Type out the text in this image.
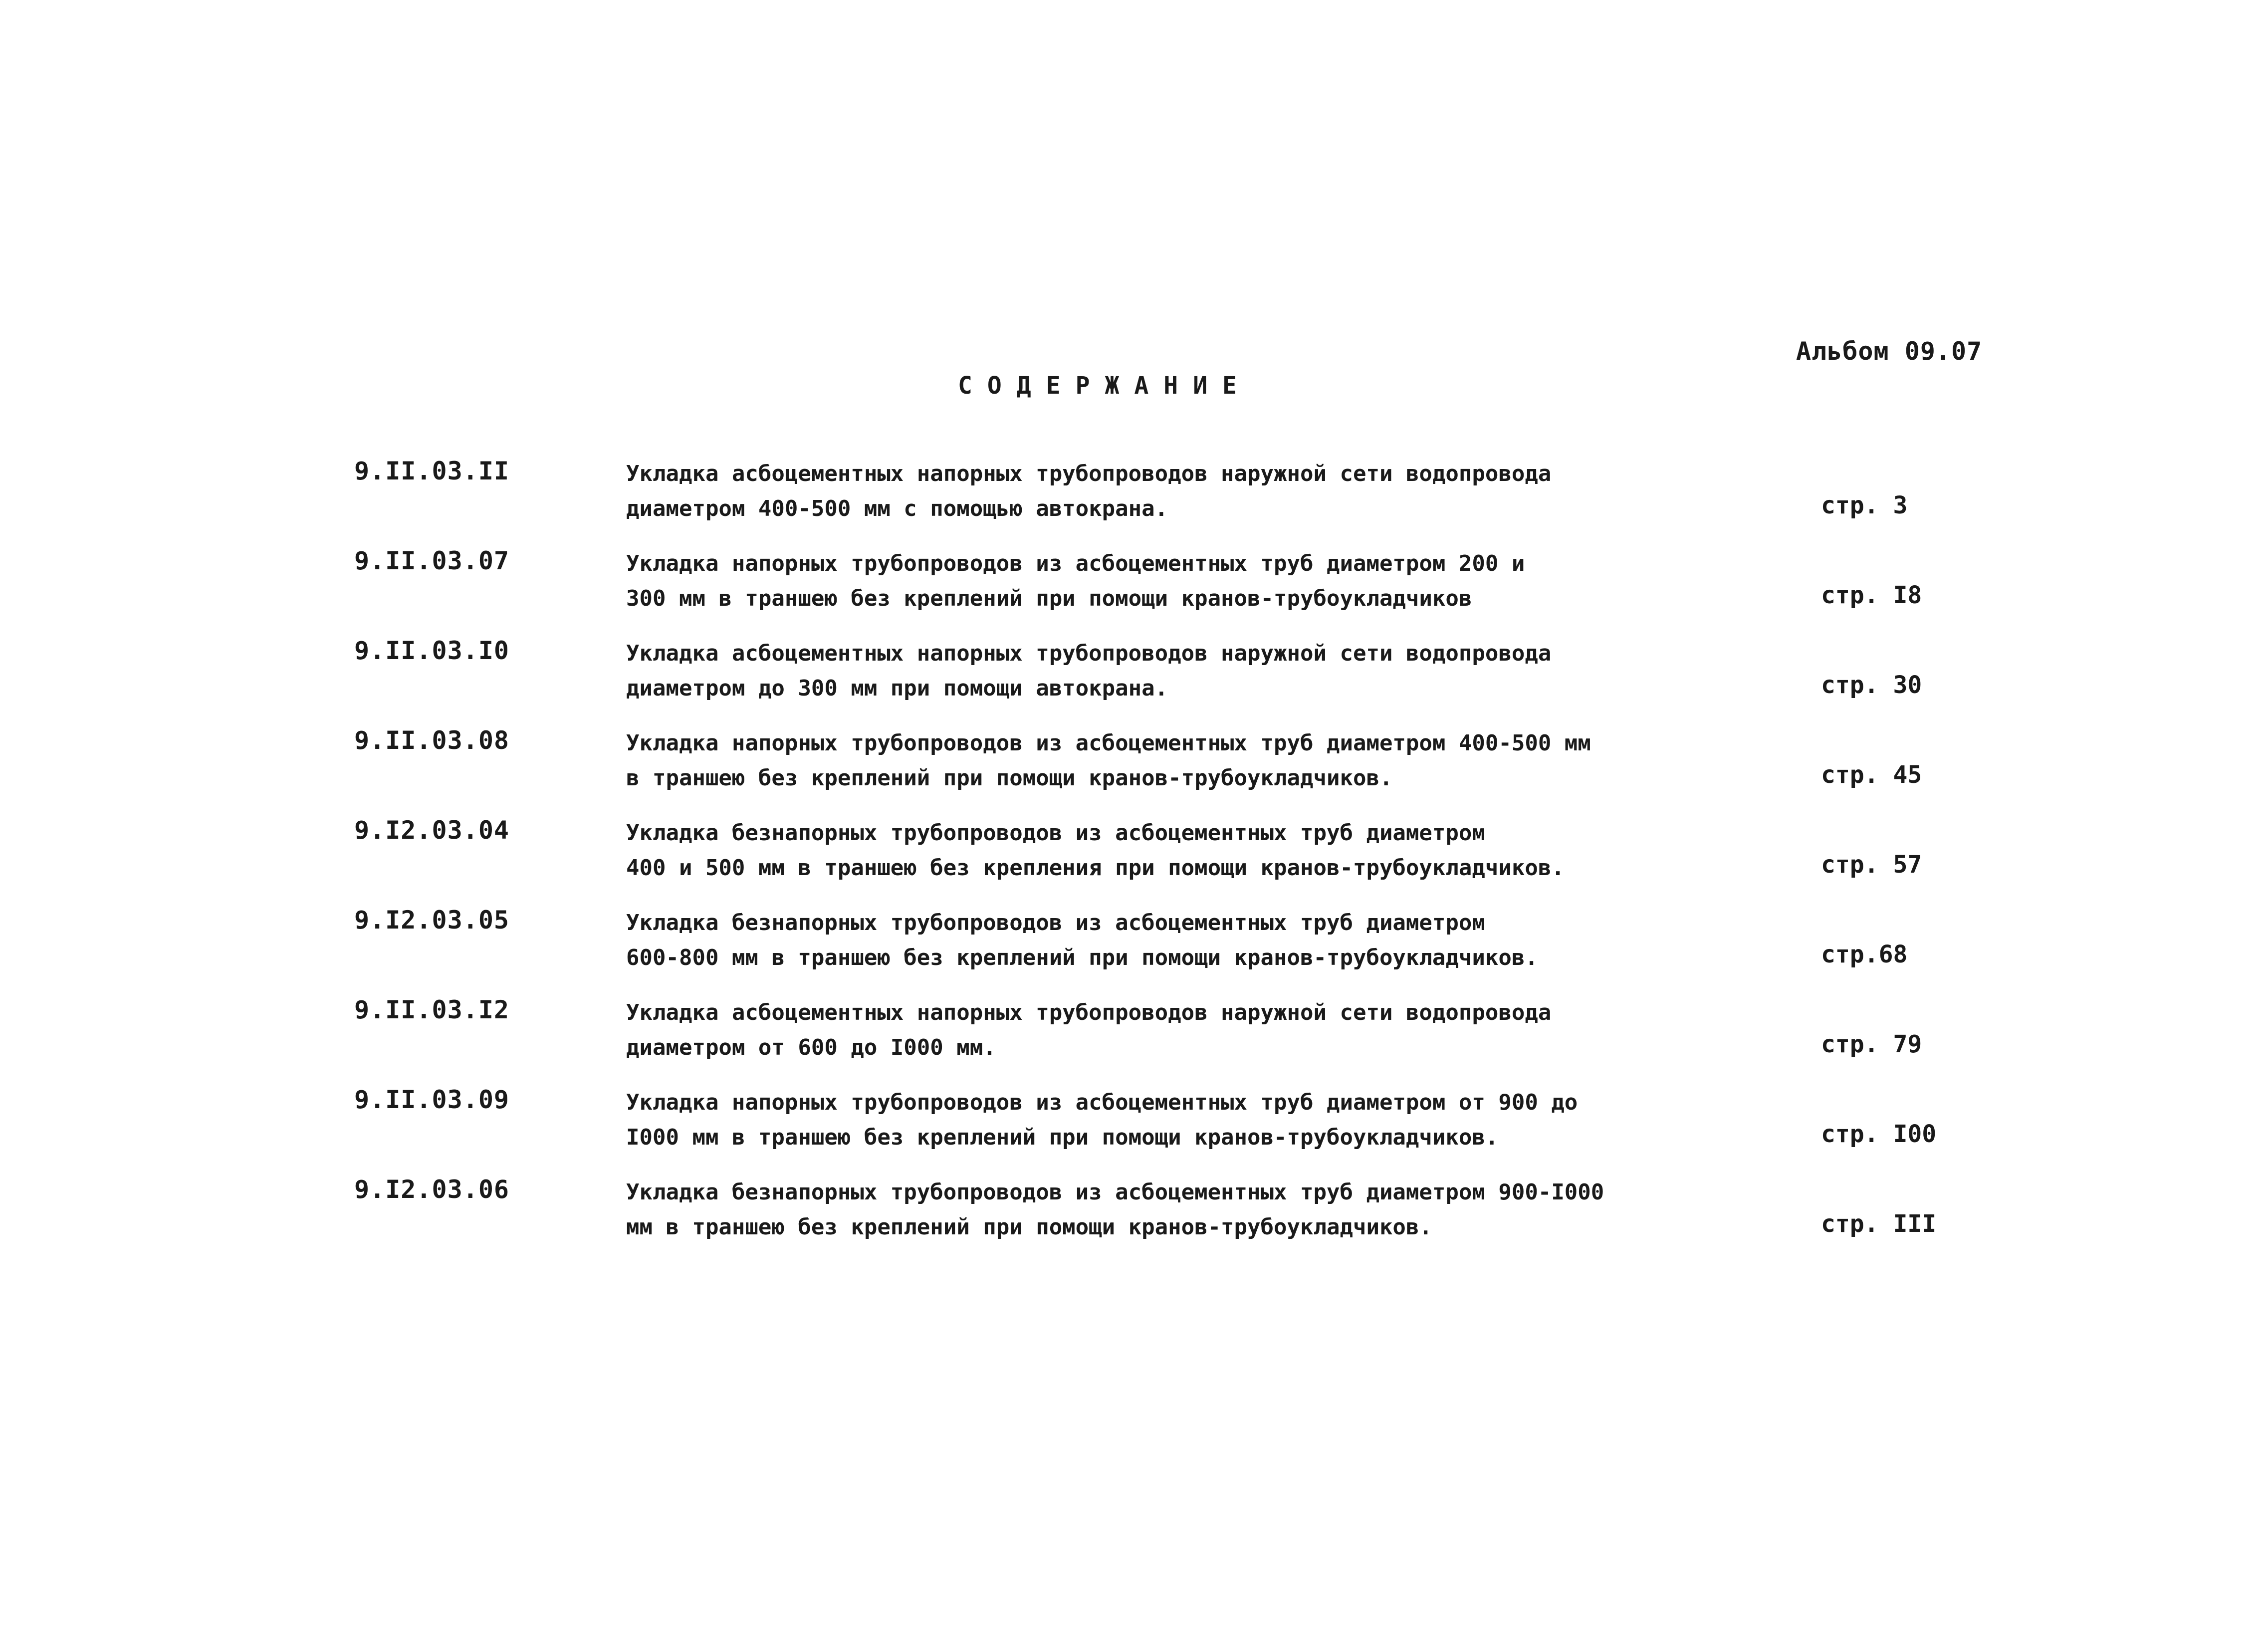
Альбом 09.07
СОДЕРЖАНИЕ
9.II.03.II	Укладка асбоцементных напорных трубопроводов наружной сети водопровода
диаметром 400-500 мм с помощью автокрана.	стр. 3
9.II.03.07	Укладка напорных трубопроводов из асбоцементных труб диаметром 200 и
300 мм в траншею без креплений при помощи кранов-трубоукладчиков	стр. I8
9.II.03.I0	Укладка асбоцементных напорных трубопроводов наружной сети водопровода
диаметром до 300 мм при помощи автокрана.	стр. 30
9.II.03.08	Укладка напорных трубопроводов из асбоцементных труб диаметром 400-500 мм
в траншею без креплений при помощи кранов-трубоукладчиков.	стр. 45
9.I2.03.04	Укладка безнапорных трубопроводов из асбоцементных труб диаметром
400 и 500 мм в траншею без крепления при помощи кранов-трубоукладчиков.	стр. 57
9.I2.03.05	Укладка безнапорных трубопроводов из асбоцементных труб диаметром
600-800 мм в траншею без креплений при помощи кранов-трубоукладчиков.	стр.68
9.II.03.I2	Укладка асбоцементных напорных трубопроводов наружной сети водопровода
диаметром от 600 до I000 мм.	стр. 79
9.II.03.09	Укладка напорных трубопроводов из асбоцементных труб диаметром от 900 до
I000 мм в траншею без креплений при помощи кранов-трубоукладчиков.	стр. I00
9.I2.03.06	Укладка безнапорных трубопроводов из асбоцементных труб диаметром 900-I000
мм в траншею без креплений при помощи кранов-трубоукладчиков.	стр. III
